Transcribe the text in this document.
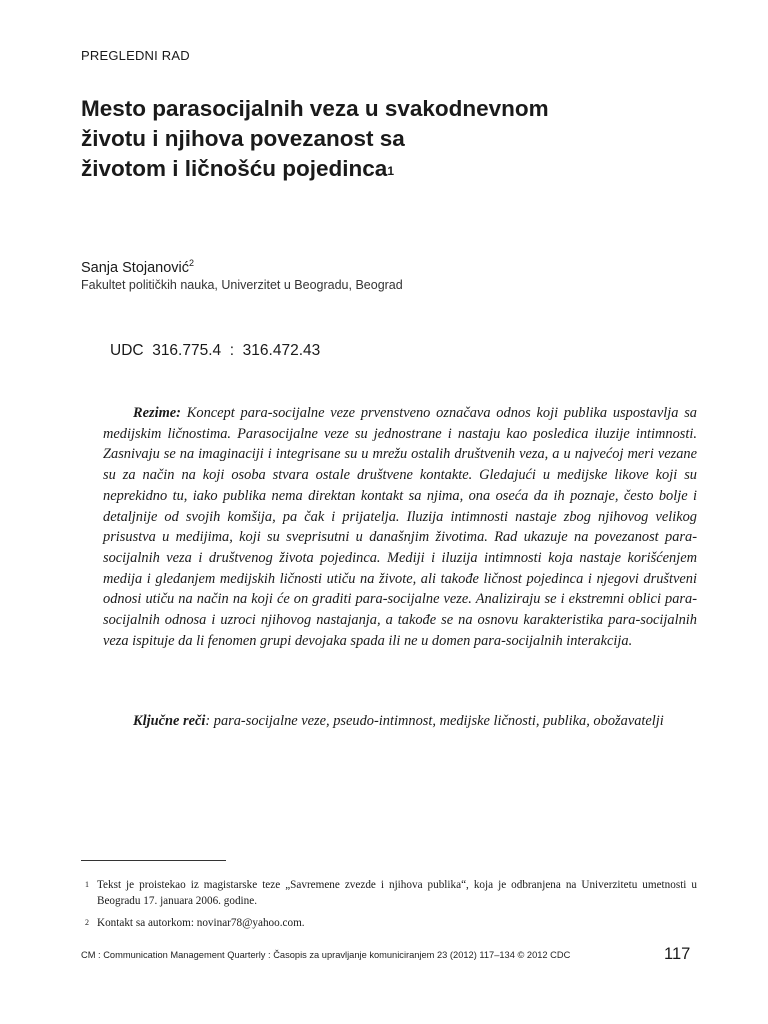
PREGLEDNI RAD
Mesto parasocijalnih veza u svakodnevnom
životu i njihova povezanost sa
životom i ličnošću pojedinca$^1$
Sanja Stojanović$^2$
Fakultet političkih nauka, Univerzitet u Beogradu, Beograd
UDC  316.775.4  :  316.472.43

Rezime: Koncept para-socijalne veze prvenstveno označava odnos koji publika uspostavlja sa medijskim ličnostima. Parasocijalne veze su jednostrane i nastaju kao posledica iluzije intimnosti. Zasnivaju se na imaginaciji i integrisane su u mrežu ostalih društvenih veza, a u najvećoj meri vezane su za način na koji osoba stvara ostale društvene kontakte. Gledajući u medijske likove koji su neprekidno tu, iako publika nema direktan kontakt sa njima, ona oseća da ih poznaje, često bolje i detaljnije od svojih komšija, pa čak i prijatelja. Iluzija intimnosti nastaje zbog njihovog velikog prisustva u medijima, koji su sveprisutni u današnjim životima. Rad ukazuje na povezanost para-socijalnih veza i društvenog života pojedinca. Mediji i iluzija intimnosti koja nastaje korišćenjem medija i gledanjem medijskih ličnosti utiču na živote, ali takođe ličnost pojedinca i njegovi društveni odnosi utiču na način na koji će on graditi para-socijalne veze. Analiziraju se i ekstremni oblici para-socijalnih odnosa i uzroci njihovog nastajanja, a takođe se na osnovu karakteristika para-socijalnih veza ispituje da li fenomen grupi devojaka spada ili ne u domen para-socijalnih interakcija.

Ključne reči: para-socijalne veze, pseudo-intimnost, medijske ličnosti, publika, obožavatelji

1 Tekst je proistekao iz magistarske teze „Savremene zvezde i njihova publika“, koja je odbranjena na Univerzitetu umetnosti u Beogradu 17. januara 2006. godine.
2 Kontakt sa autorkom: novinar78@yahoo.com.
CM : Communication Management Quarterly : Časopis za upravljanje komuniciranjem 23 (2012) 117–134 © 2012 CDC	117
